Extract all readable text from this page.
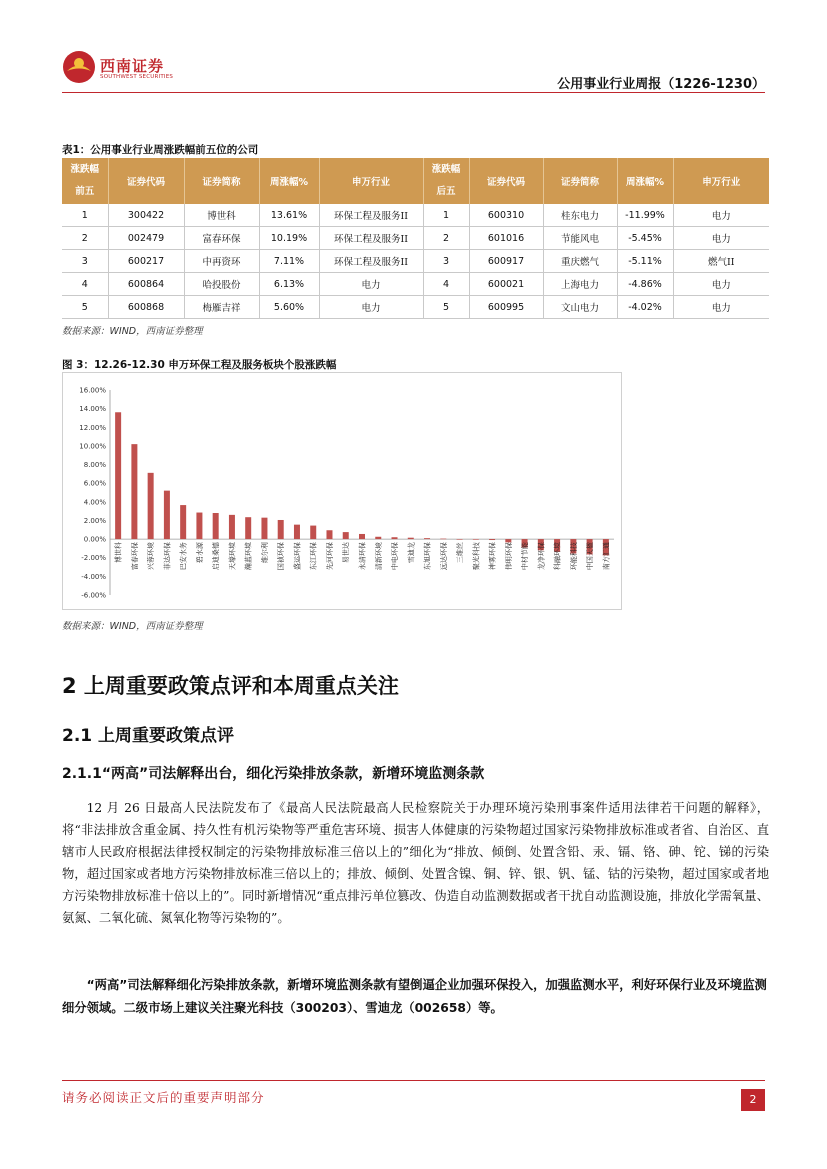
西南证券
SOUTHWEST SECURITIES	公用事业行业周报（1226-1230）
表1：公用事业行业周涨跌幅前五位的公司
涨跌幅前五	证券代码	证券简称	周涨幅%	申万行业	涨跌幅后五	证券代码	证券简称	周涨幅%	申万行业
1	300422	博世科	13.61%	环保工程及服务II	1	600310	桂东电力	-11.99%	电力
2	002479	富春环保	10.19%	环保工程及服务II	2	601016	节能风电	-5.45%	电力
3	600217	中再资环	7.11%	环保工程及服务II	3	600917	重庆燃气	-5.11%	燃气II
4	600864	哈投股份	6.13%	电力	4	600021	上海电力	-4.86%	电力
5	600868	梅雁吉祥	5.60%	电力	5	600995	文山电力	-4.02%	电力
数据来源：WIND，西南证券整理
图 3：12.26-12.30 申万环保工程及服务板块个股涨跌幅
16.00%
14.00%
12.00%
10.00%
8.00%
6.00%
4.00%
2.00%
0.00%
-2.00%
-4.00%
-6.00%
博世科 富春环保 兴蓉环境 菲达环保 巴安水务 碧水源 启迪桑德 天壕环境 瀚蓝环境 维尔利 国祯环保 盛运环保 东江环保 先河环保 易世达 永清环保 清新环境 中电环保 雪迪龙 东旭环保 远达环保 三维丝 聚光科技 神雾环保 伟明环保 中材节能 龙净环保 科融环境 环能科技 中国天楹 南方汇通
数据来源：WIND，西南证券整理
2 上周重要政策点评和本周重点关注
2.1 上周重要政策点评
2.1.1“两高”司法解释出台，细化污染排放条款，新增环境监测条款
12 月 26 日最高人民法院发布了《最高人民法院最高人民检察院关于办理环境污染刑事案件适用法律若干问题的解释》，将“非法排放含重金属、持久性有机污染物等严重危害环境、损害人体健康的污染物超过国家污染物排放标准或者省、自治区、直辖市人民政府根据法律授权制定的污染物排放标准三倍以上的”细化为“排放、倾倒、处置含铅、汞、镉、铬、砷、铊、锑的污染物，超过国家或者地方污染物排放标准三倍以上的；排放、倾倒、处置含镍、铜、锌、银、钒、锰、钴的污染物，超过国家或者地方污染物排放标准十倍以上的”。同时新增情况“重点排污单位篡改、伪造自动监测数据或者干扰自动监测设施，排放化学需氧量、氨氮、二氧化硫、氮氧化物等污染物的”。
“两高”司法解释细化污染排放条款，新增环境监测条款有望倒逼企业加强环保投入，加强监测水平，利好环保行业及环境监测细分领域。二级市场上建议关注聚光科技（300203）、雪迪龙（002658）等。
请务必阅读正文后的重要声明部分	2
